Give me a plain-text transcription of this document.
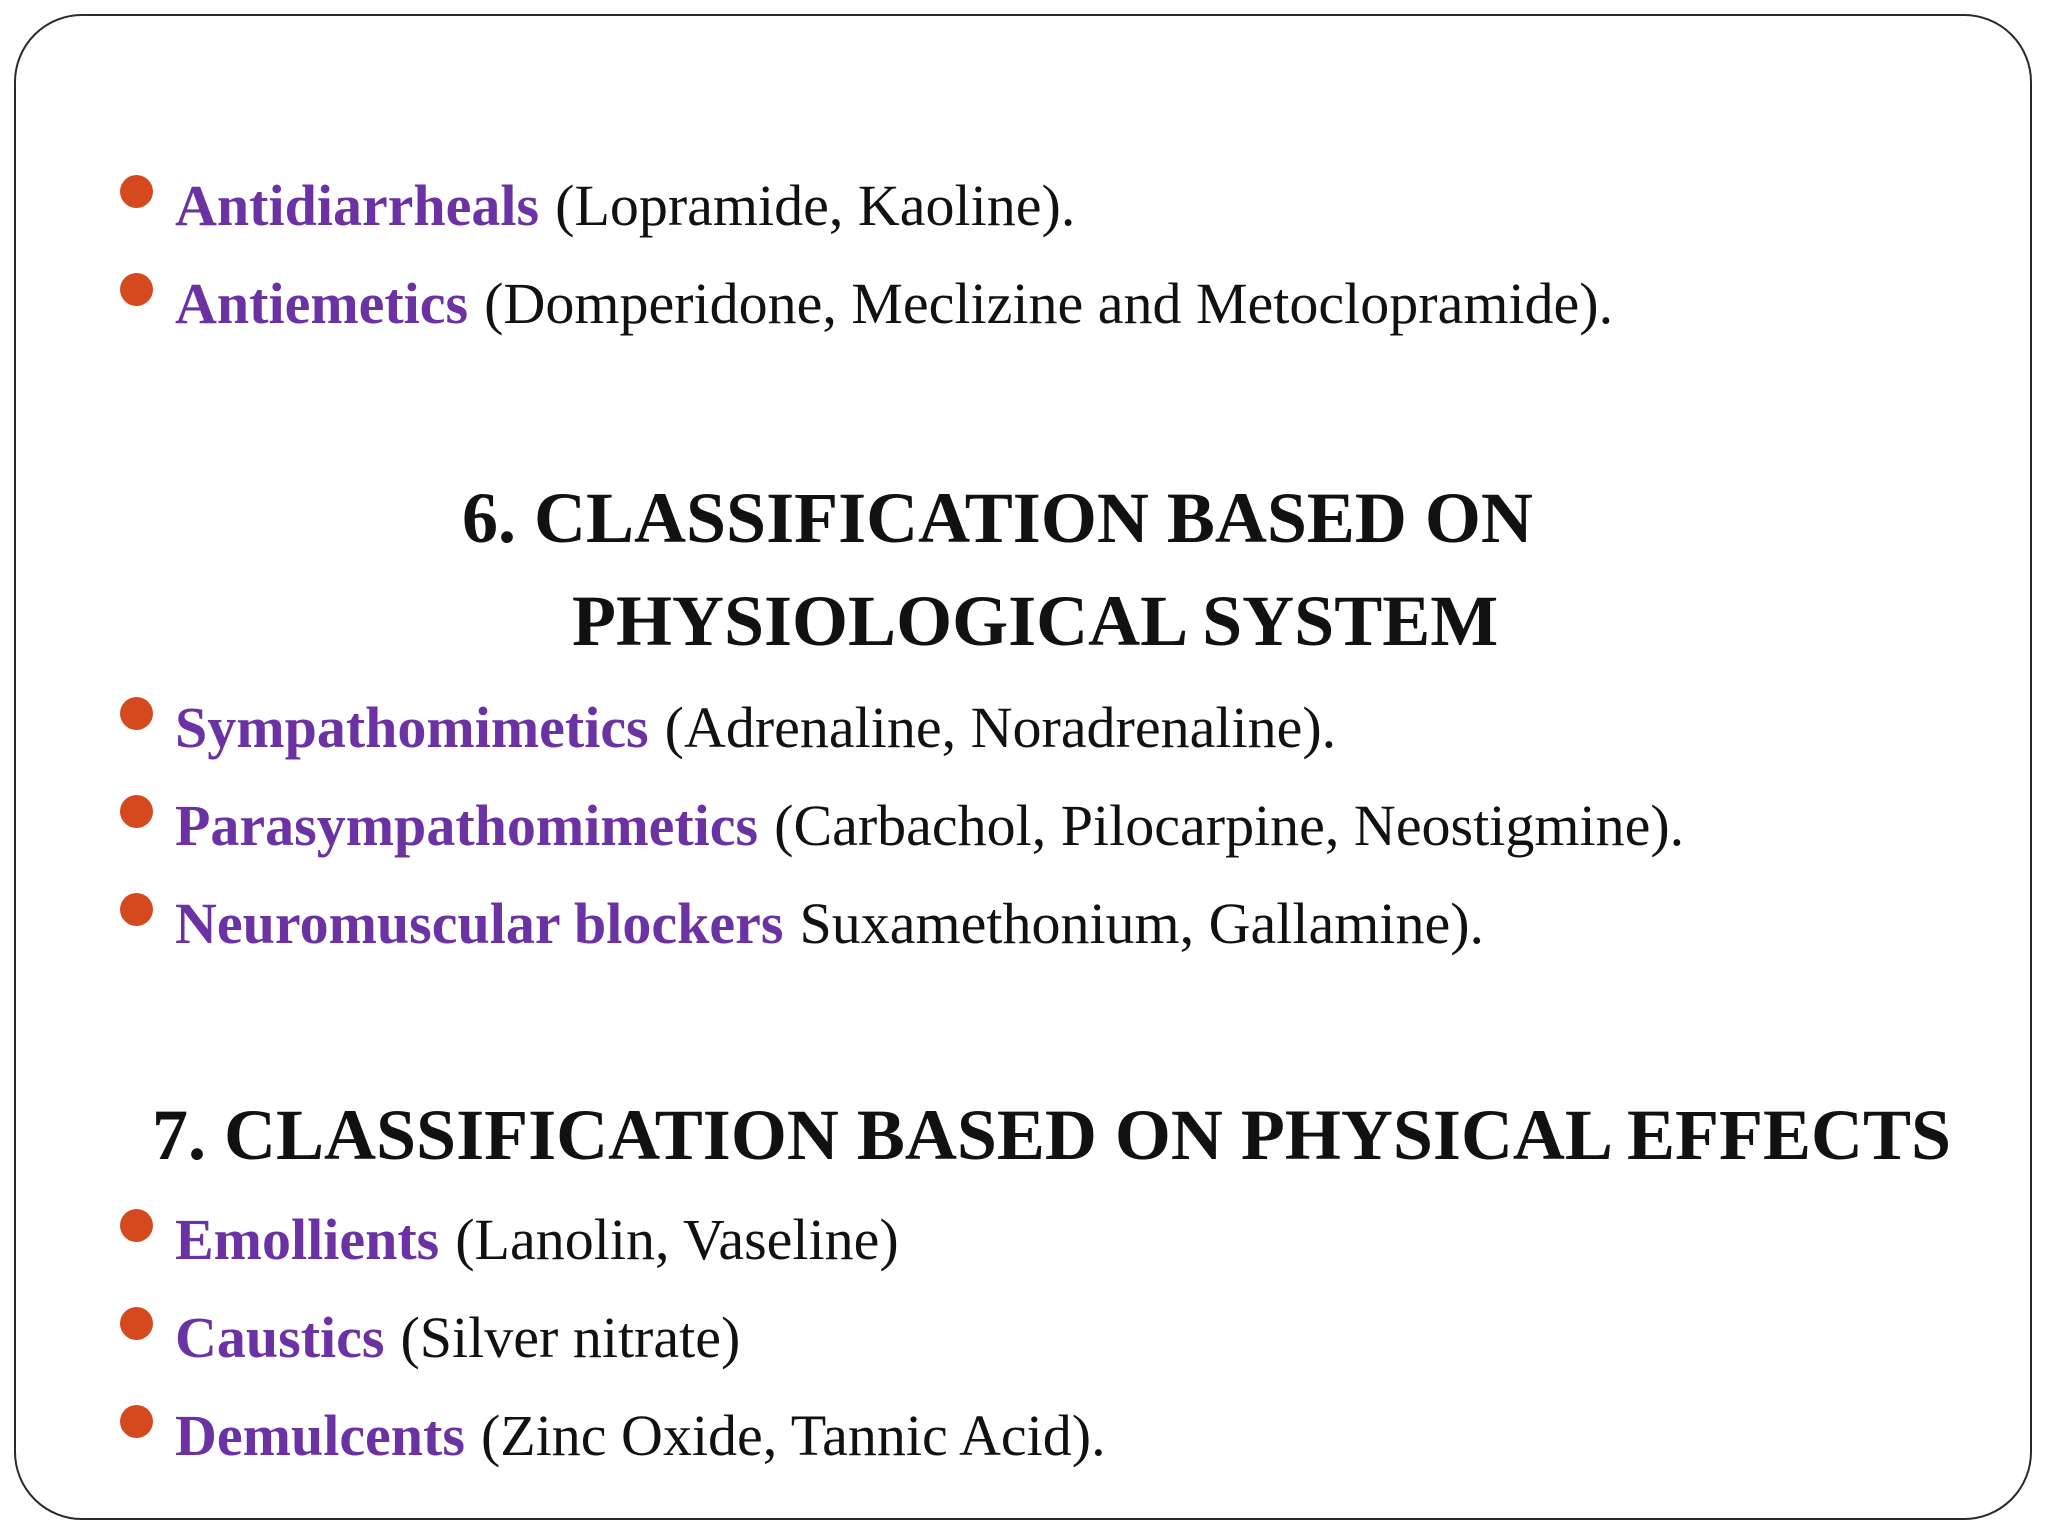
Antidiarrheals (Lopramide, Kaoline).
Antiemetics (Domperidone, Meclizine and Metoclopramide).
6. CLASSIFICATION BASED ON
PHYSIOLOGICAL SYSTEM
Sympathomimetics (Adrenaline, Noradrenaline).
Parasympathomimetics (Carbachol, Pilocarpine, Neostigmine).
Neuromuscular blockers Suxamethonium, Gallamine).
7. CLASSIFICATION BASED ON PHYSICAL EFFECTS
Emollients (Lanolin, Vaseline)
Caustics (Silver nitrate)
Demulcents (Zinc Oxide, Tannic Acid).
